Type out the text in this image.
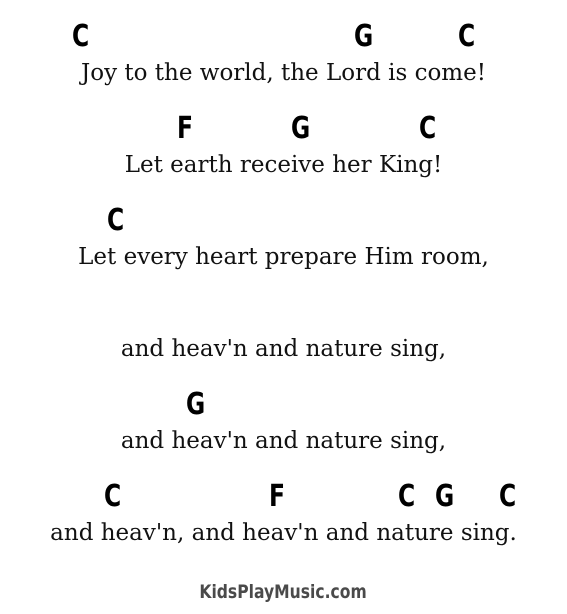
C	G	C
Joy to the world, the Lord is come!
F	G	C
Let earth receive her King!
C
Let every heart prepare Him room,
and heav'n and nature sing,
G
and heav'n and nature sing,
C	F	C G C
and heav'n, and heav'n and nature sing.
KidsPlayMusic.com
